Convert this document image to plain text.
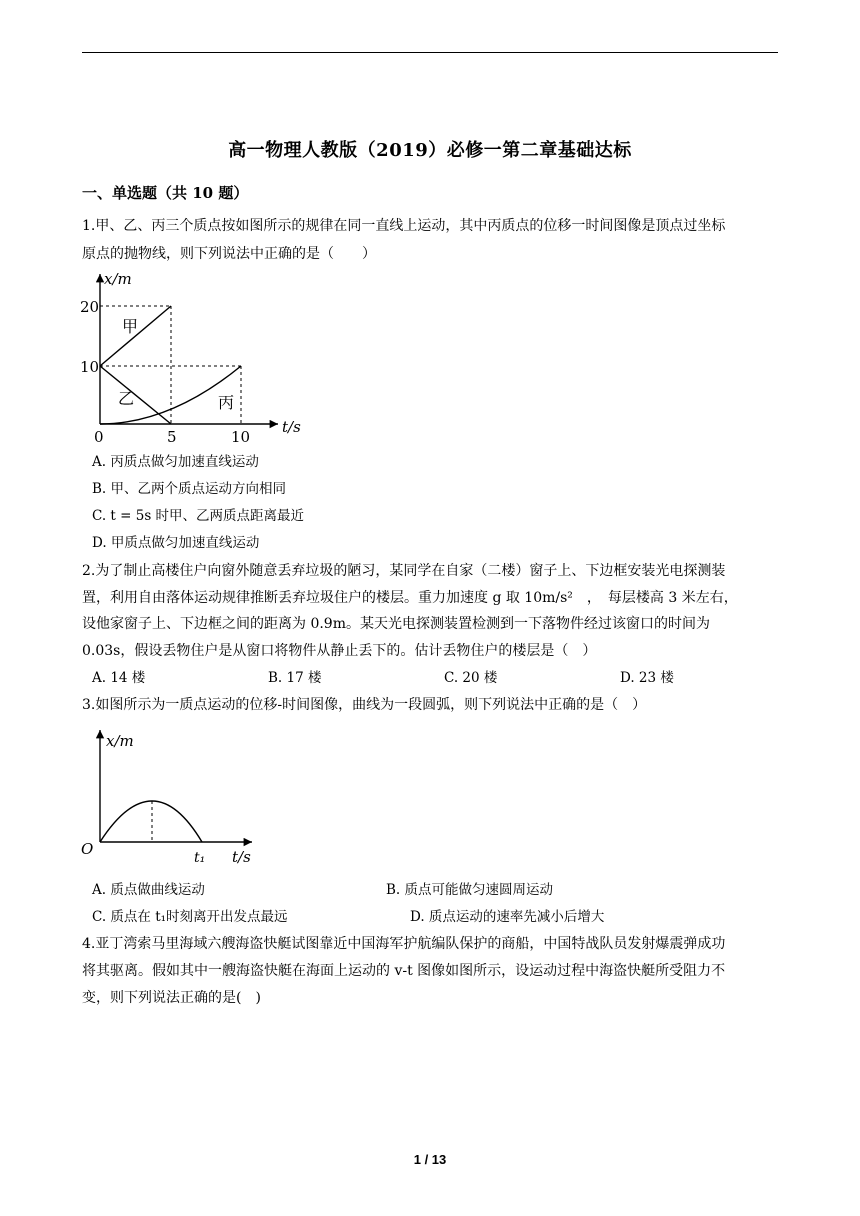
高一物理人教版（2019）必修一第二章基础达标
一、单选题（共 10 题）
1.甲、乙、丙三个质点按如图所示的规律在同一直线上运动，其中丙质点的位移一时间图像是顶点过坐标
原点的抛物线，则下列说法中正确的是（　　）
x/m
t/s
20
10
0	5	10
甲
乙	丙
A. 丙质点做匀加速直线运动
B. 甲、乙两个质点运动方向相同
C. t = 5s 时甲、乙两质点距离最近
D. 甲质点做匀加速直线运动
2.为了制止高楼住户向窗外随意丢弃垃圾的陋习，某同学在自家（二楼）窗子上、下边框安装光电探测装
置，利用自由落体运动规律推断丢弃垃圾住户的楼层。重力加速度 g 取 10m/s²　，　每层楼高 3 米左右，
设他家窗子上、下边框之间的距离为 0.9m。某天光电探测装置检测到一下落物件经过该窗口的时间为
0.03s，假设丢物住户是从窗口将物件从静止丢下的。估计丢物住户的楼层是（　）
A. 14 楼	B. 17 楼	C. 20 楼	D. 23 楼
3.如图所示为一质点运动的位移-时间图像，曲线为一段圆弧，则下列说法中正确的是（　）
x/m
t/s
O	t₁
A. 质点做曲线运动	B. 质点可能做匀速圆周运动
C. 质点在 t₁时刻离开出发点最远	D. 质点运动的速率先减小后增大
4.亚丁湾索马里海域六艘海盗快艇试图靠近中国海军护航编队保护的商船，中国特战队员发射爆震弹成功
将其驱离。假如其中一艘海盗快艇在海面上运动的 v-t 图像如图所示，设运动过程中海盗快艇所受阻力不
变，则下列说法正确的是(　)
1 / 13
